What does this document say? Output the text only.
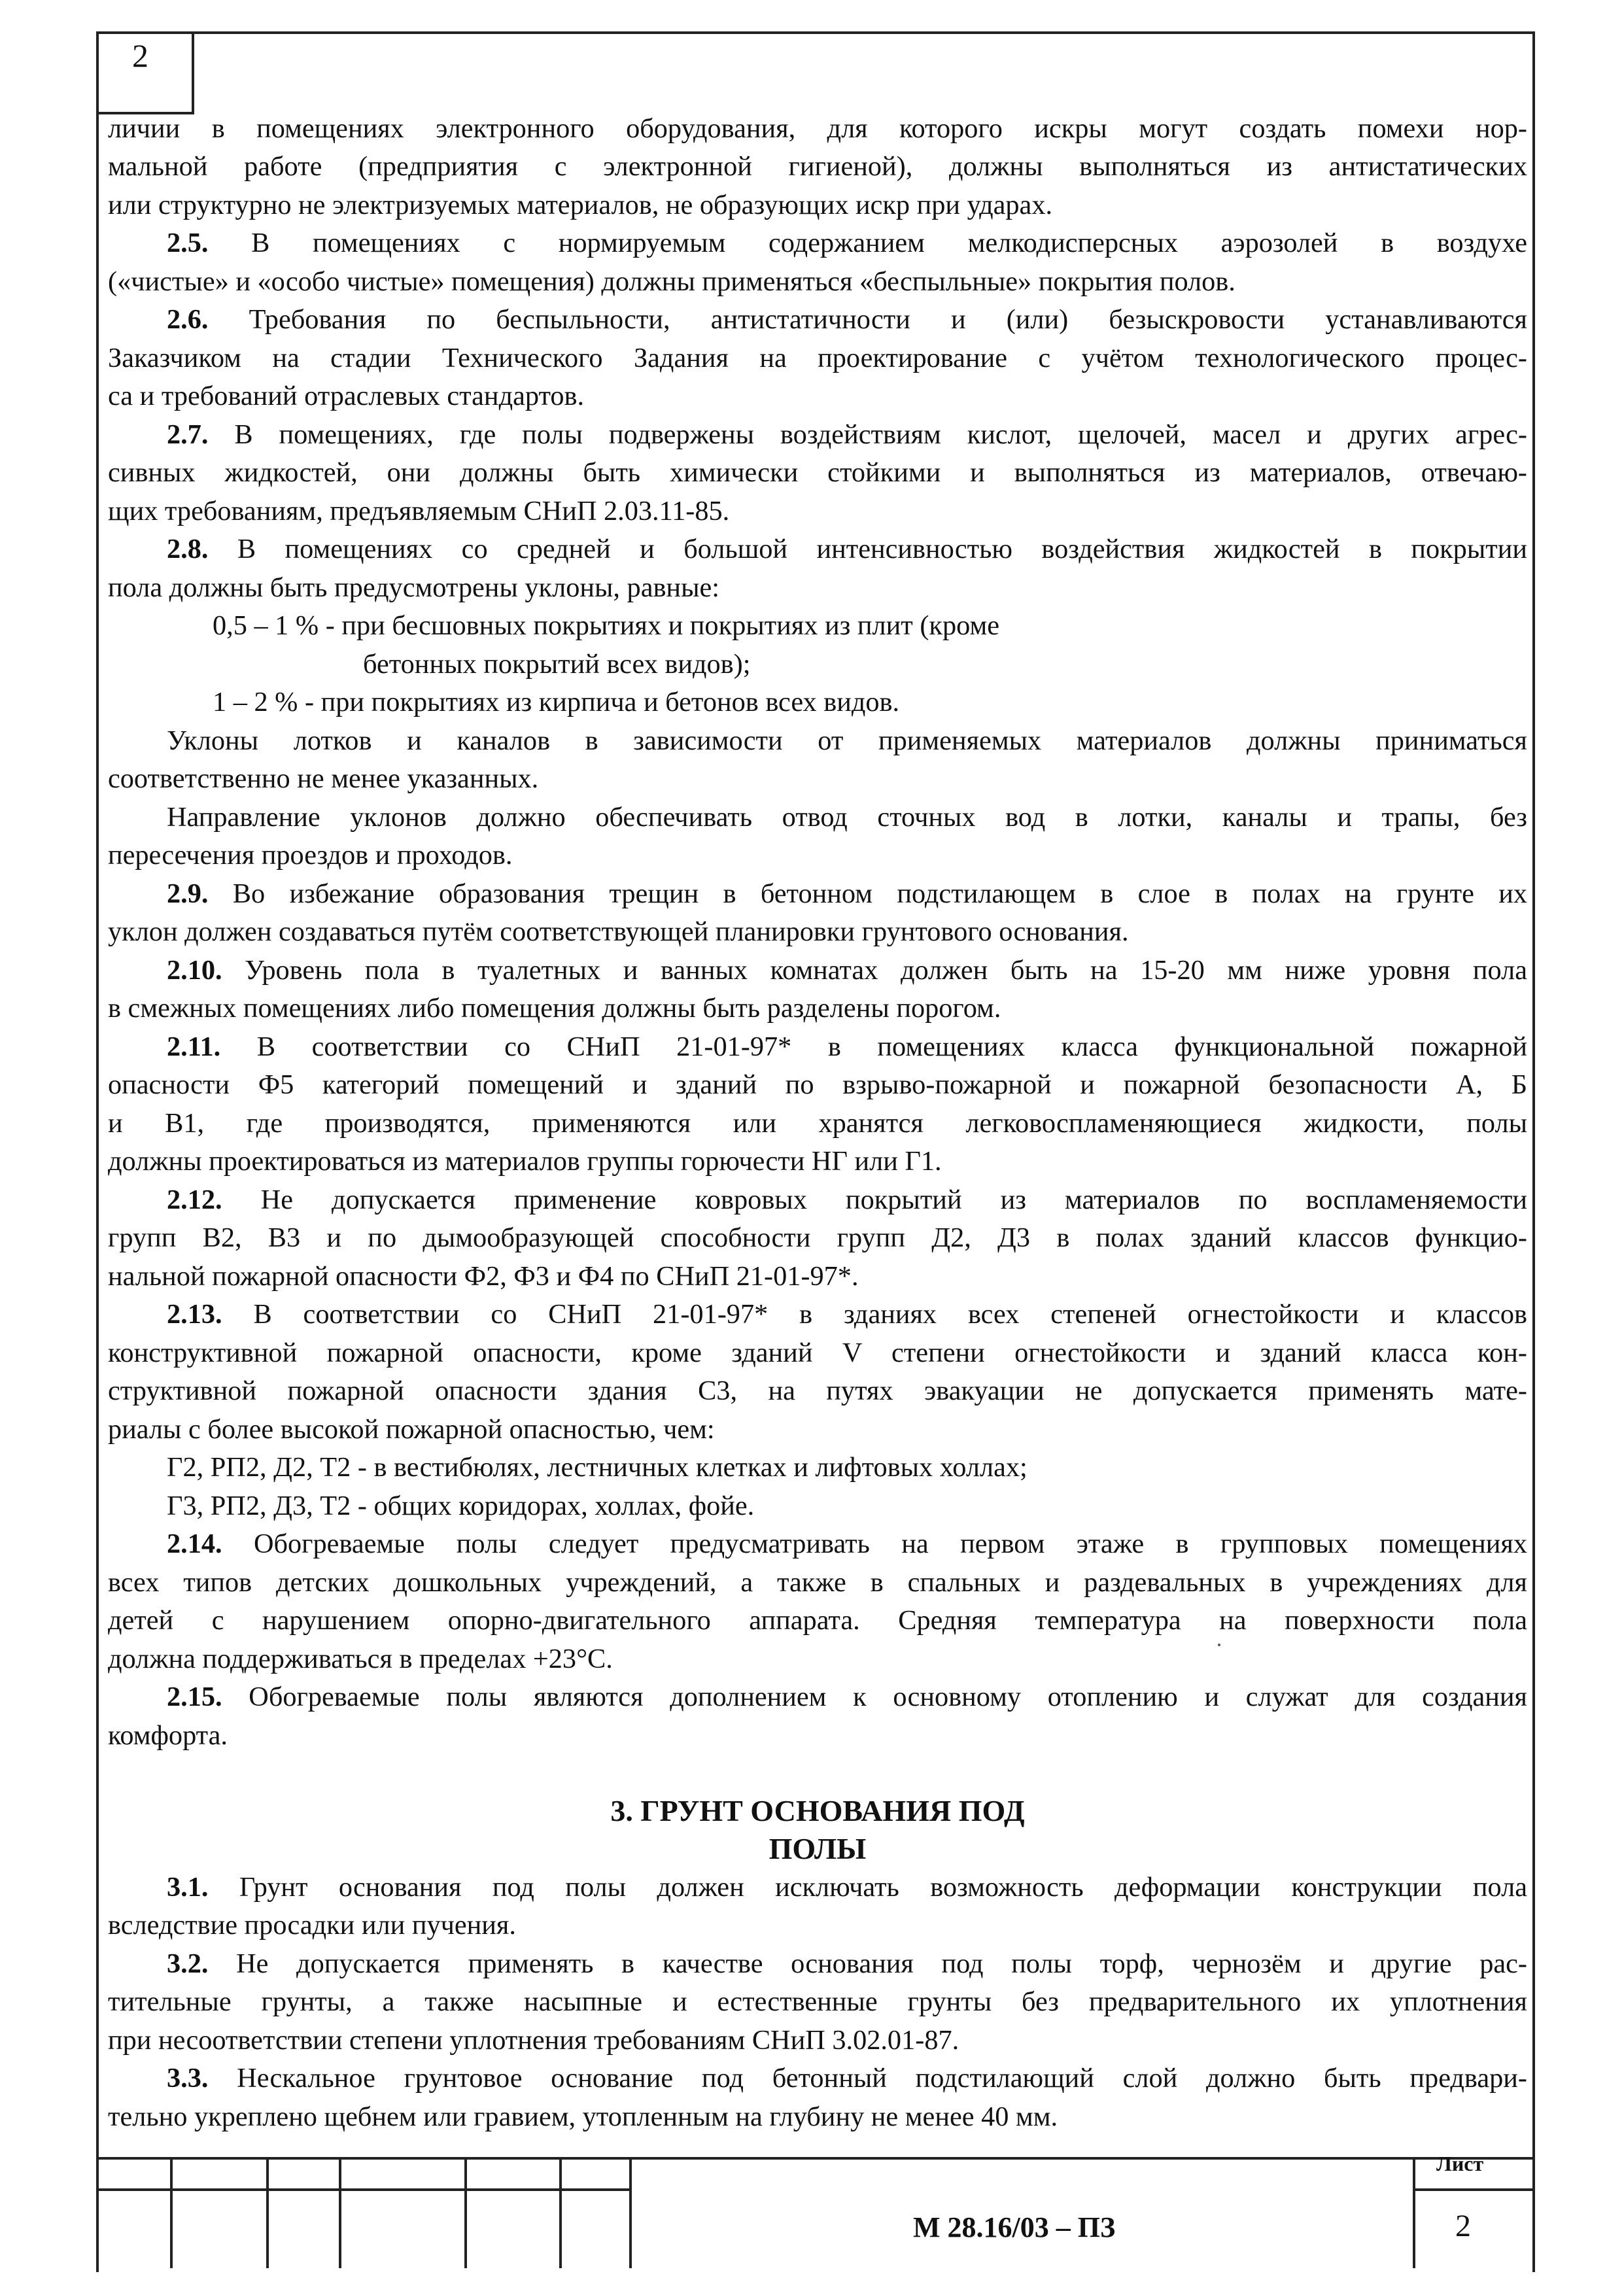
2
Лист
М 28.16/03 – ПЗ	2
личии в помещениях электронного оборудования, для которого искры могут создать помехи нор-
мальной работе (предприятия с электронной гигиеной), должны выполняться из антистатических
или структурно не электризуемых материалов, не образующих искр при ударах.
2.5. В помещениях с нормируемым содержанием мелкодисперсных аэрозолей в воздухе
(«чистые» и «особо чистые» помещения) должны применяться «беспыльные» покрытия полов.
2.6. Требования по беспыльности, антистатичности и (или) безыскровости устанавливаются
Заказчиком на стадии Технического Задания на проектирование с учётом технологического процес-
са и требований отраслевых стандартов.
2.7. В помещениях, где полы подвержены воздействиям кислот, щелочей, масел и других агрес-
сивных жидкостей, они должны быть химически стойкими и выполняться из материалов, отвечаю-
щих требованиям, предъявляемым СНиП 2.03.11-85.
2.8. В помещениях со средней и большой интенсивностью воздействия жидкостей в покрытии
пола должны быть предусмотрены уклоны, равные:
0,5 – 1 % - при бесшовных покрытиях и покрытиях из плит (кроме
бетонных покрытий всех видов);
1 – 2 % - при покрытиях из кирпича и бетонов всех видов.
Уклоны лотков и каналов в зависимости от применяемых материалов должны приниматься
соответственно не менее указанных.
Направление уклонов должно обеспечивать отвод сточных вод в лотки, каналы и трапы, без
пересечения проездов и проходов.
2.9. Во избежание образования трещин в бетонном подстилающем в слое в полах на грунте их
уклон должен создаваться путём соответствующей планировки грунтового основания.
2.10. Уровень пола в туалетных и ванных комнатах должен быть на 15-20 мм ниже уровня пола
в смежных помещениях либо помещения должны быть разделены порогом.
2.11. В соответствии со СНиП 21-01-97* в помещениях класса функциональной пожарной
опасности Ф5 категорий помещений и зданий по взрыво-пожарной и пожарной безопасности А, Б
и В1, где производятся, применяются или хранятся легковоспламеняющиеся жидкости, полы
должны проектироваться из материалов группы горючести НГ или Г1.
2.12. Не допускается применение ковровых покрытий из материалов по воспламеняемости
групп В2, В3 и по дымообразующей способности групп Д2, Д3 в полах зданий классов функцио-
нальной пожарной опасности Ф2, Ф3 и Ф4 по СНиП 21-01-97*.
2.13. В соответствии со СНиП 21-01-97* в зданиях всех степеней огнестойкости и классов
конструктивной пожарной опасности, кроме зданий V степени огнестойкости и зданий класса кон-
структивной пожарной опасности здания С3, на путях эвакуации не допускается применять мате-
риалы с более высокой пожарной опасностью, чем:
Г2, РП2, Д2, Т2 - в вестибюлях, лестничных клетках и лифтовых холлах;
Г3, РП2, Д3, Т2 - общих коридорах, холлах, фойе.
2.14. Обогреваемые полы следует предусматривать на первом этаже в групповых помещениях
всех типов детских дошкольных учреждений, а также в спальных и раздевальных в учреждениях для
детей с нарушением опорно-двигательного аппарата. Средняя температура на поверхности пола
должна поддерживаться в пределах +23°С.
2.15. Обогреваемые полы являются дополнением к основному отоплению и служат для создания
комфорта.
3. ГРУНТ ОСНОВАНИЯ ПОД
ПОЛЫ
3.1. Грунт основания под полы должен исключать возможность деформации конструкции пола
вследствие просадки или пучения.
3.2. Не допускается применять в качестве основания под полы торф, чернозём и другие рас-
тительные грунты, а также насыпные и естественные грунты без предварительного их уплотнения
при несоответствии степени уплотнения требованиям СНиП 3.02.01-87.
3.3. Нескальное грунтовое основание под бетонный подстилающий слой должно быть предвари-
тельно укреплено щебнем или гравием, утопленным на глубину не менее 40 мм.
